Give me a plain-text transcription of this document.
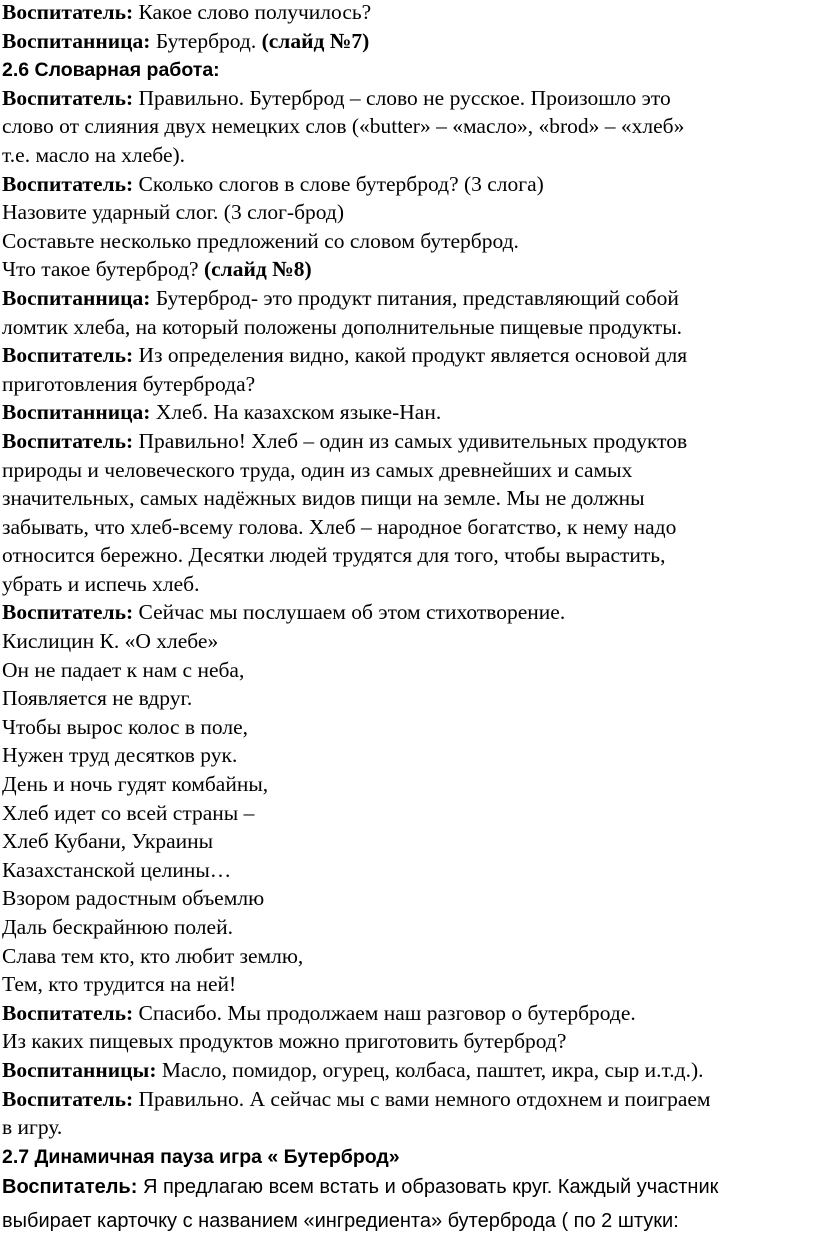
Воспитатель: Какое слово получилось?
Воспитанница: Бутерброд. (слайд №7)
2.6 Словарная работа:
Воспитатель: Правильно. Бутерброд – слово не русское. Произошло это
слово от слияния двух немецких слов («butter» – «масло», «brod» – «хлеб»
т.е. масло на хлебе).
Воспитатель: Сколько слогов в слове бутерброд? (3 слога)
Назовите ударный слог. (3 слог-брод)
Составьте несколько предложений со словом бутерброд.
Что такое бутерброд? (слайд №8)
Воспитанница: Бутерброд- это продукт питания, представляющий собой
ломтик хлеба, на который положены дополнительные пищевые продукты.
Воспитатель: Из определения видно, какой продукт является основой для
приготовления бутерброда?
Воспитанница: Хлеб. На казахском языке-Нан.
Воспитатель: Правильно! Хлеб – один из самых удивительных продуктов
природы и человеческого труда, один из самых древнейших и самых
значительных, самых надёжных видов пищи на земле. Мы не должны
забывать, что хлеб-всему голова. Хлеб – народное богатство, к нему надо
относится бережно. Десятки людей трудятся для того, чтобы вырастить,
убрать и испечь хлеб.
Воспитатель: Сейчас мы послушаем об этом стихотворение.
Кислицин К. «О хлебе»
Он не падает к нам с неба,
Появляется не вдруг.
Чтобы вырос колос в поле,
Нужен труд десятков рук.
День и ночь гудят комбайны,
Хлеб идет со всей страны –
Хлеб Кубани, Украины
Казахстанской целины…
Взором радостным объемлю
Даль бескрайнюю полей.
Слава тем кто, кто любит землю,
Тем, кто трудится на ней!
Воспитатель: Спасибо. Мы продолжаем наш разговор о бутерброде.
Из каких пищевых продуктов можно приготовить бутерброд?
Воспитанницы: Масло, помидор, огурец, колбаса, паштет, икра, сыр и.т.д.).
Воспитатель: Правильно. А сейчас мы с вами немного отдохнем и поиграем
в игру.
2.7 Динамичная пауза игра « Бутерброд»
Воспитатель: Я предлагаю всем встать и образовать круг. Каждый участник
выбирает карточку с названием «ингредиента» бутерброда ( по 2 штуки:
